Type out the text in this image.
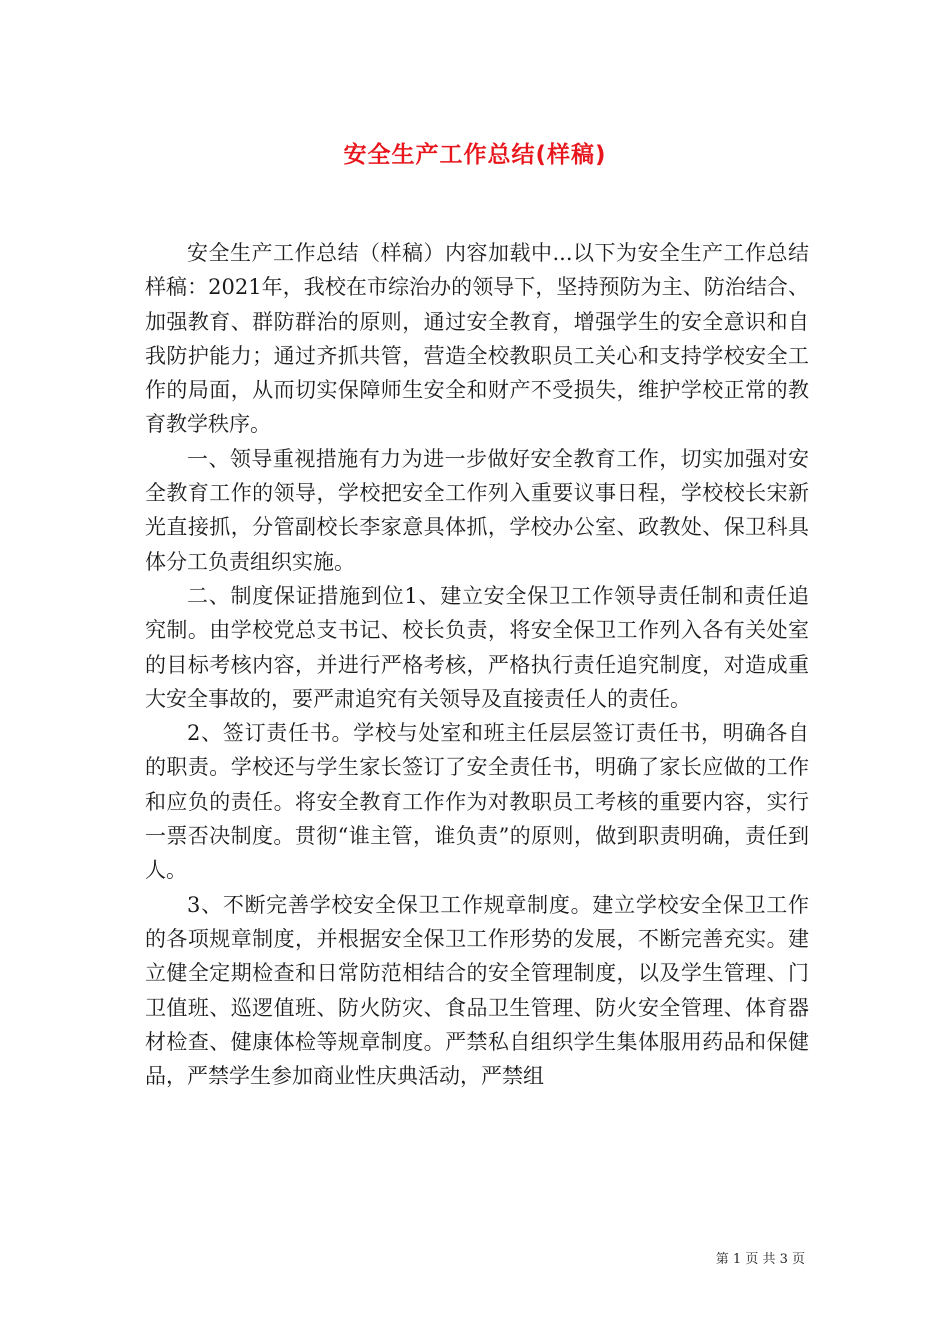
安全生产工作总结(样稿)

安全生产工作总结（样稿）内容加载中...以下为安全生产工作总结样稿：2021年，我校在市综治办的领导下，坚持预防为主、防治结合、加强教育、群防群治的原则，通过安全教育，增强学生的安全意识和自我防护能力；通过齐抓共管，营造全校教职员工关心和支持学校安全工作的局面，从而切实保障师生安全和财产不受损失，维护学校正常的教育教学秩序。

一、领导重视措施有力为进一步做好安全教育工作，切实加强对安全教育工作的领导，学校把安全工作列入重要议事日程，学校校长宋新光直接抓，分管副校长李家意具体抓，学校办公室、政教处、保卫科具体分工负责组织实施。

二、制度保证措施到位1、建立安全保卫工作领导责任制和责任追究制。由学校党总支书记、校长负责，将安全保卫工作列入各有关处室的目标考核内容，并进行严格考核，严格执行责任追究制度，对造成重大安全事故的，要严肃追究有关领导及直接责任人的责任。

2、签订责任书。学校与处室和班主任层层签订责任书，明确各自的职责。学校还与学生家长签订了安全责任书，明确了家长应做的工作和应负的责任。将安全教育工作作为对教职员工考核的重要内容，实行一票否决制度。贯彻“谁主管，谁负责”的原则，做到职责明确，责任到人。

3、不断完善学校安全保卫工作规章制度。建立学校安全保卫工作的各项规章制度，并根据安全保卫工作形势的发展，不断完善充实。建立健全定期检查和日常防范相结合的安全管理制度，以及学生管理、门卫值班、巡逻值班、防火防灾、食品卫生管理、防火安全管理、体育器材检查、健康体检等规章制度。严禁私自组织学生集体服用药品和保健品，严禁学生参加商业性庆典活动，严禁组

第 1 页 共 3 页
